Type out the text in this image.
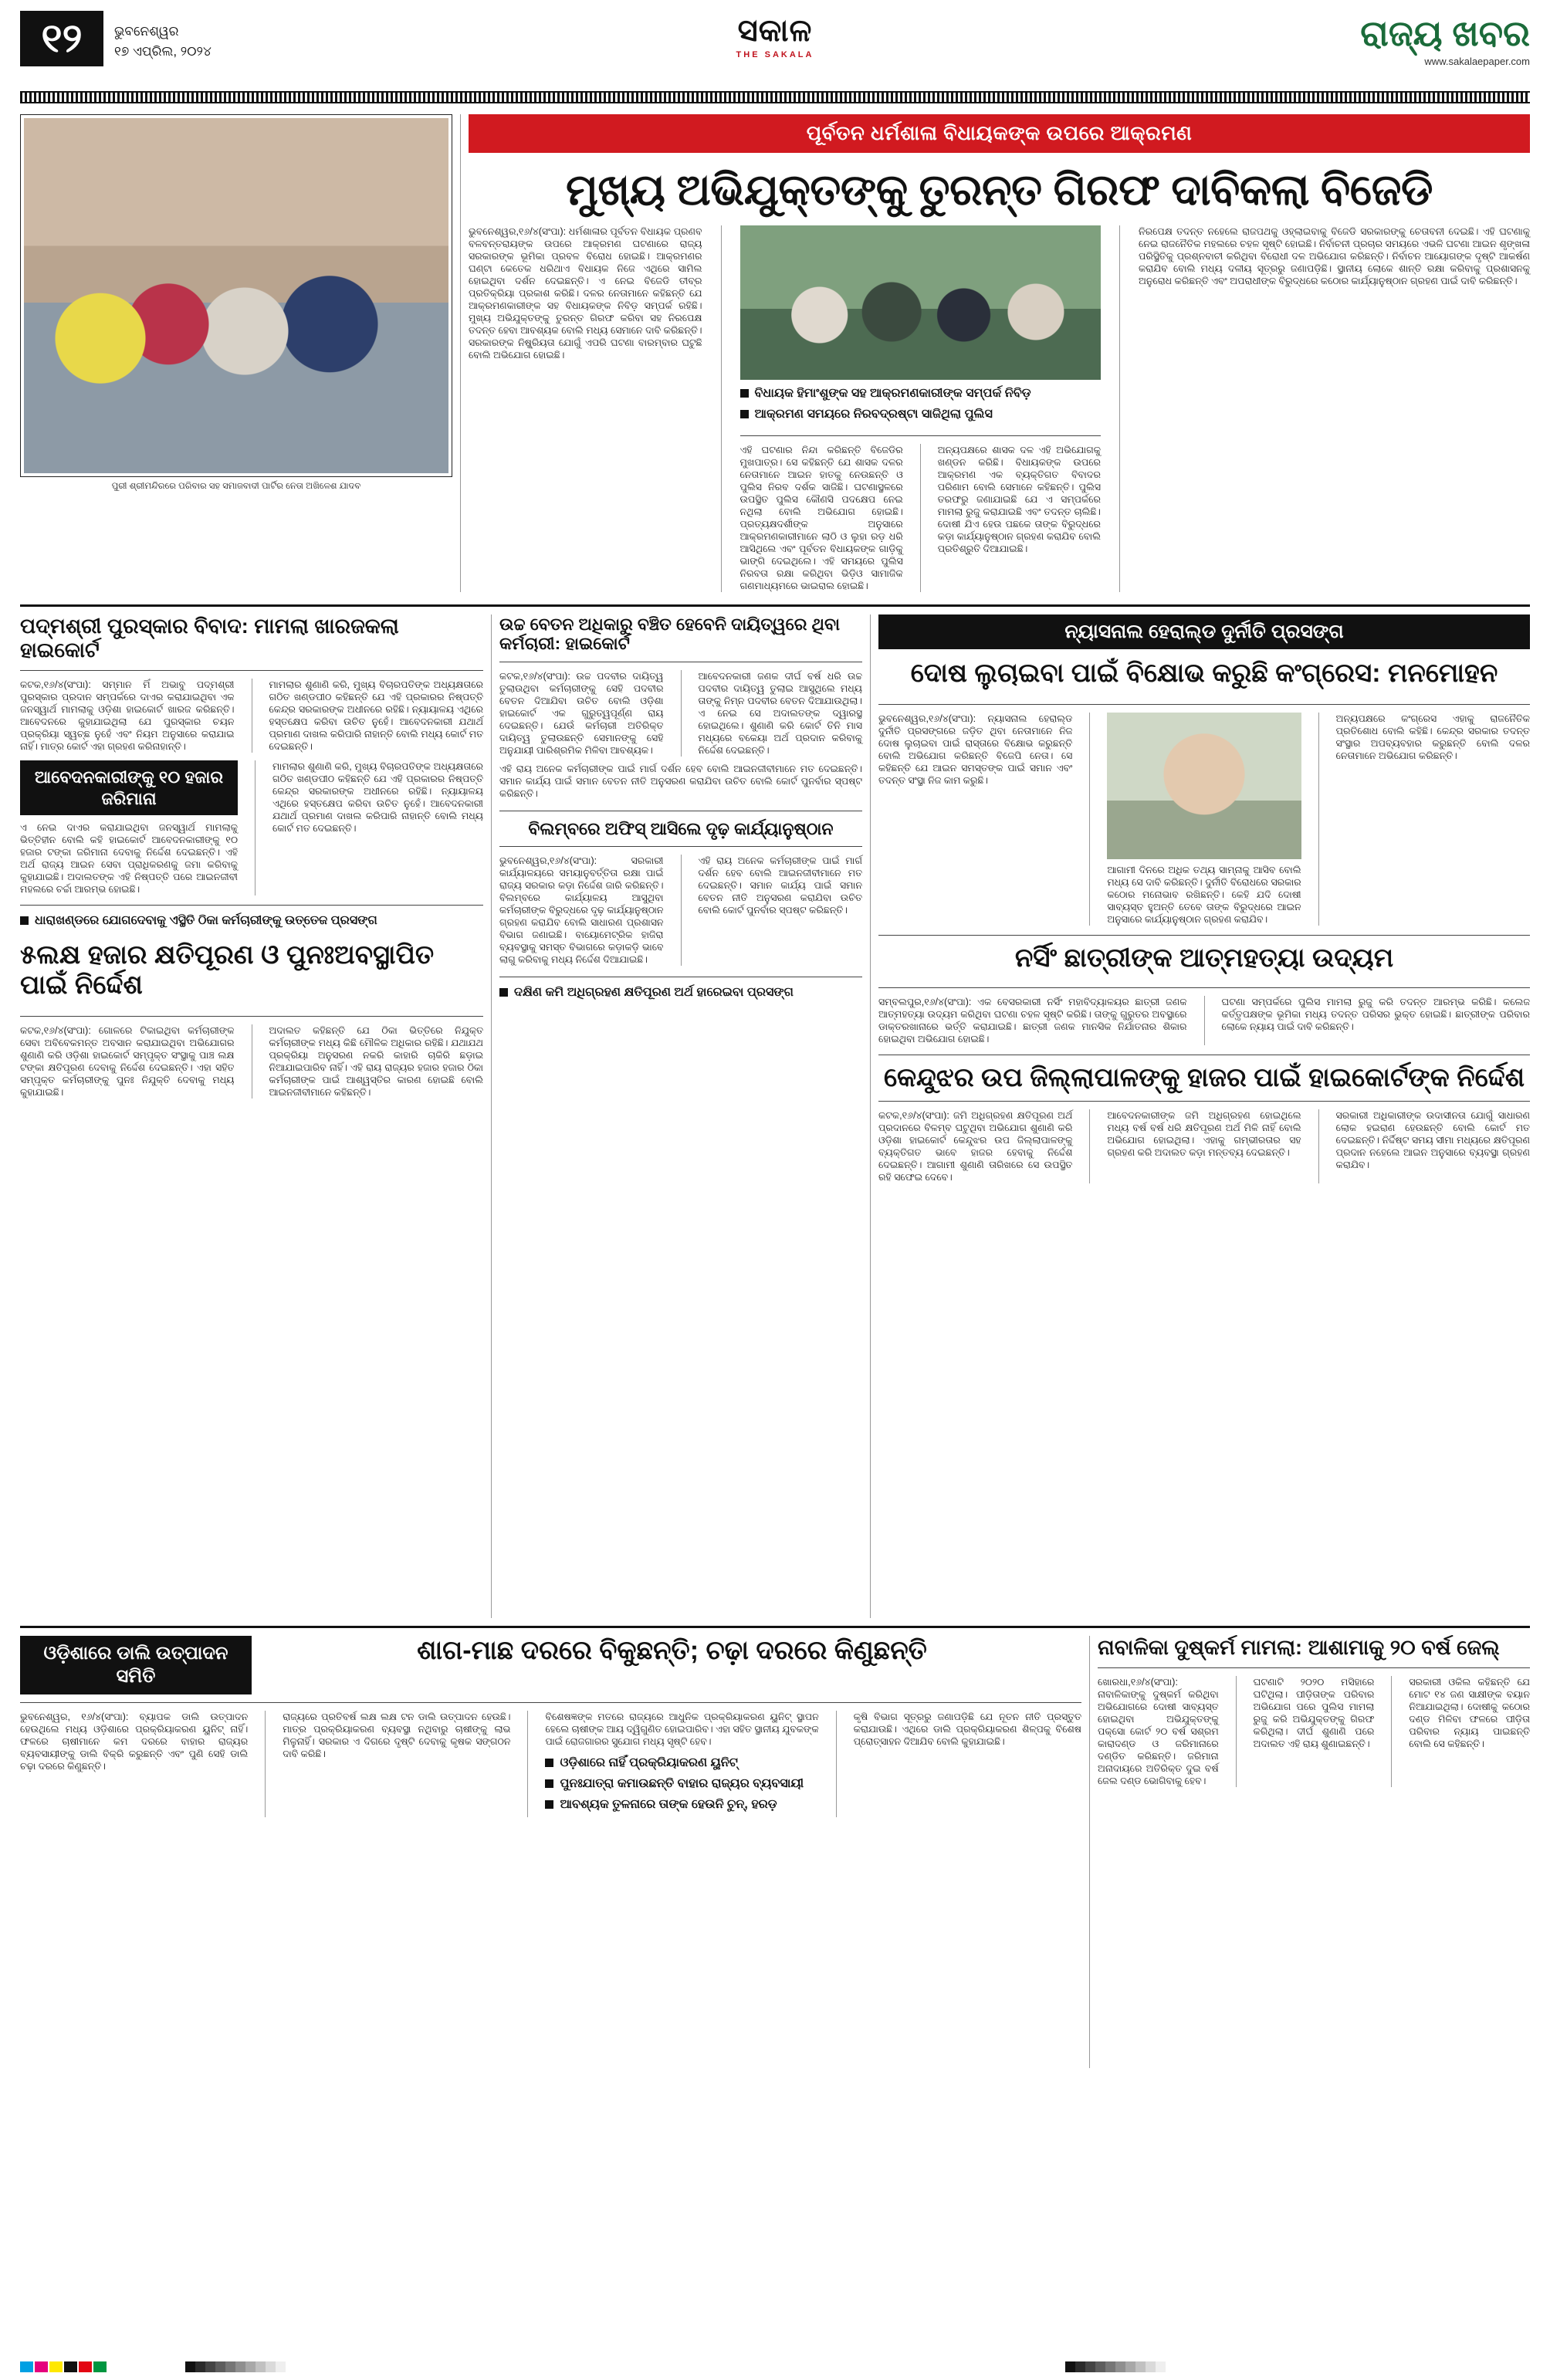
୧୨	ଭୁବନେଶ୍ୱର
୧୭ ଏପ୍ରିଲ, ୨୦୨୪
ସକାଳ
THE SAKALA
ରାଜ୍ୟ ଖବର
www.sakalaepaper.com
ପୁରୀ ଶ୍ରୀମନ୍ଦିରରେ ପରିବାର ସହ ସମାଜବାଦୀ ପାର୍ଟିର ନେତା ଅଖିଳେଶ ଯାଦବ
ପୂର୍ବତନ ଧର୍ମଶାଳା ବିଧାୟକଙ୍କ ଉପରେ ଆକ୍ରମଣ
ମୁଖ୍ୟ ଅଭିଯୁକ୍ତଙ୍କୁ ତୁରନ୍ତ ଗିରଫ ଦାବିକଲା ବିଜେଡି

ଭୁବନେଶ୍ୱର,୧୬/୪(ସଂପା): ଧର୍ମଶାଳାର ପୂର୍ବତନ ବିଧାୟକ ପ୍ରଣବ ବଳବନ୍ତରାୟଙ୍କ ଉପରେ ଆକ୍ରମଣ ଘଟଣାରେ ରାଜ୍ୟ ସରକାରଙ୍କ ଭୂମିକା ପ୍ରବଳ ବିରୋଧ ହୋଇଛି। ଆକ୍ରମଣର ଘଣ୍ଟା କେତେକ ଧରିଥାଏ ବିଧାୟକ ନିଜେ ଏଥିରେ ସାମିଲ ହୋଇଥିବା ଦର୍ଶନ ଦେଇଛନ୍ତି। ଏ ନେଇ ବିଜେଡି ତୀବ୍ର ପ୍ରତିକ୍ରିୟା ପ୍ରକାଶ କରିଛି। ଦଳର ନେତାମାନେ କହିଛନ୍ତି ଯେ ଆକ୍ରମଣକାରୀଙ୍କ ସହ ବିଧାୟକଙ୍କ ନିବିଡ଼ ସମ୍ପର୍କ ରହିଛି। ମୁଖ୍ୟ ଅଭିଯୁକ୍ତଙ୍କୁ ତୁରନ୍ତ ଗିରଫ କରିବା ସହ ନିରପେକ୍ଷ ତଦନ୍ତ ହେବା ଆବଶ୍ୟକ ବୋଲି ମଧ୍ୟ ସେମାନେ ଦାବି କରିଛନ୍ତି। ସରକାରଙ୍କ ନିଷ୍କ୍ରିୟତା ଯୋଗୁଁ ଏପରି ଘଟଣା ବାରମ୍ବାର ଘଟୁଛି ବୋଲି ଅଭିଯୋଗ ହୋଇଛି।

ବିଧାୟକ ହିମାଂଶୁଙ୍କ ସହ ଆକ୍ରମଣକାରୀଙ୍କ ସମ୍ପର୍କ ନିବିଡ଼
ଆକ୍ରମଣ ସମୟରେ ନିରବଦ୍ରଷ୍ଟା ସାଜିଥିଲା ପୁଲିସ
ଏହି ଘଟଣାର ନିନ୍ଦା କରିଛନ୍ତି ବିଜେଡିର ମୁଖପାତ୍ର। ସେ କହିଛନ୍ତି ଯେ ଶାସକ ଦଳର ନେତାମାନେ ଆଇନ ହାତକୁ ନେଉଛନ୍ତି ଓ ପୁଲିସ ନିରବ ଦର୍ଶକ ସାଜିଛି। ଘଟଣାସ୍ଥଳରେ ଉପସ୍ଥିତ ପୁଲିସ କୌଣସି ପଦକ୍ଷେପ ନେଇ ନଥିଲା ବୋଲି ଅଭିଯୋଗ ହୋଇଛି। ପ୍ରତ୍ୟକ୍ଷଦର୍ଶୀଙ୍କ ଅନୁସାରେ ଆକ୍ରମଣକାରୀମାନେ ଲାଠି ଓ ଲୁହା ରଡ଼ ଧରି ଆସିଥିଲେ ଏବଂ ପୂର୍ବତନ ବିଧାୟକଙ୍କ ଗାଡ଼ିକୁ ଭାଙ୍ଗି ଦେଇଥିଲେ। ଏହି ସମୟରେ ପୁଲିସ ନିରବତା ରକ୍ଷା କରିଥିବା ଭିଡ଼ିଓ ସାମାଜିକ ଗଣମାଧ୍ୟମରେ ଭାଇରାଲ ହୋଇଛି।
ଅନ୍ୟପକ୍ଷରେ ଶାସକ ଦଳ ଏହି ଅଭିଯୋଗକୁ ଖଣ୍ଡନ କରିଛି। ବିଧାୟକଙ୍କ ଉପରେ ଆକ୍ରମଣ ଏକ ବ୍ୟକ୍ତିଗତ ବିବାଦର ପରିଣାମ ବୋଲି ସେମାନେ କହିଛନ୍ତି। ପୁଲିସ ତରଫରୁ ଜଣାଯାଇଛି ଯେ ଏ ସମ୍ପର୍କରେ ମାମଲା ରୁଜୁ କରାଯାଇଛି ଏବଂ ତଦନ୍ତ ଚାଲିଛି। ଦୋଷୀ ଯିଏ ହେଉ ପଛକେ ତାଙ୍କ ବିରୁଦ୍ଧରେ କଡ଼ା କାର୍ଯ୍ୟାନୁଷ୍ଠାନ ଗ୍ରହଣ କରାଯିବ ବୋଲି ପ୍ରତିଶ୍ରୁତି ଦିଆଯାଇଛି।

ନିରପେକ୍ଷ ତଦନ୍ତ ନହେଲେ ରାଜପଥକୁ ଓହ୍ଲାଇବାକୁ ବିଜେଡି ସରକାରଙ୍କୁ ଚେତାବନୀ ଦେଇଛି। ଏହି ଘଟଣାକୁ ନେଇ ରାଜନୈତିକ ମହଲରେ ଚହଳ ସୃଷ୍ଟି ହୋଇଛି। ନିର୍ବାଚନୀ ପ୍ରଚାର ସମୟରେ ଏଭଳି ଘଟଣା ଆଇନ ଶୃଙ୍ଖଳା ପରିସ୍ଥିତିକୁ ପ୍ରଶ୍ନବାଚୀ କରିଥିବା ବିରୋଧୀ ଦଳ ଅଭିଯୋଗ କରିଛନ୍ତି। ନିର୍ବାଚନ ଆୟୋଗଙ୍କ ଦୃଷ୍ଟି ଆକର୍ଷଣ କରାଯିବ ବୋଲି ମଧ୍ୟ ଦଳୀୟ ସୂତ୍ରରୁ ଜଣାପଡ଼ିଛି। ସ୍ଥାନୀୟ ଲୋକେ ଶାନ୍ତି ରକ୍ଷା କରିବାକୁ ପ୍ରଶାସନକୁ ଅନୁରୋଧ କରିଛନ୍ତି ଏବଂ ଅପରାଧୀଙ୍କ ବିରୁଦ୍ଧରେ କଠୋର କାର୍ଯ୍ୟାନୁଷ୍ଠାନ ଗ୍ରହଣ ପାଇଁ ଦାବି କରିଛନ୍ତି।

ପଦ୍ମଶ୍ରୀ ପୁରସ୍କାର ବିବାଦ: ମାମଲା ଖାରଜକଲା ହାଇକୋର୍ଟ
କଟକ,୧୬/୪(ସଂପା): ସମ୍ମାନ ମିଁ ଅଭାବୁ ପଦ୍ମଶ୍ରୀ ପୁରସ୍କାର ପ୍ରଦାନ ସମ୍ପର୍କରେ ଦାଏର କରାଯାଇଥିବା ଏକ ଜନସ୍ୱାର୍ଥ ମାମଲାକୁ ଓଡ଼ିଶା ହାଇକୋର୍ଟ ଖାରଜ କରିଛନ୍ତି। ଆବେଦନରେ କୁହାଯାଇଥିଲା ଯେ ପୁରସ୍କାର ଚୟନ ପ୍ରକ୍ରିୟା ସ୍ୱଚ୍ଛ ନୁହେଁ ଏବଂ ନିୟମ ଅନୁସାରେ କରାଯାଇ ନାହିଁ। ମାତ୍ର କୋର୍ଟ ଏହା ଗ୍ରହଣ କରିନାହାନ୍ତି।
ମାମଲାର ଶୁଣାଣି କରି, ମୁଖ୍ୟ ବିଚାରପତିଙ୍କ ଅଧ୍ୟକ୍ଷତାରେ ଗଠିତ ଖଣ୍ଡପୀଠ କହିଛନ୍ତି ଯେ ଏହି ପ୍ରକାରର ନିଷ୍ପତ୍ତି କେନ୍ଦ୍ର ସରକାରଙ୍କ ଅଧୀନରେ ରହିଛି। ନ୍ୟାୟାଳୟ ଏଥିରେ ହସ୍ତକ୍ଷେପ କରିବା ଉଚିତ ନୁହେଁ। ଆବେଦନକାରୀ ଯଥାର୍ଥ ପ୍ରମାଣ ଦାଖଲ କରିପାରି ନାହାନ୍ତି ବୋଲି ମଧ୍ୟ କୋର୍ଟ ମତ ଦେଇଛନ୍ତି।
ଆବେଦନକାରୀଙ୍କୁ ୧୦ ହଜାର ଜରିମାନା
ଏ ନେଇ ଦାଏର କରାଯାଇଥିବା ଜନସ୍ୱାର୍ଥ ମାମଲାକୁ ଭିତ୍ତିହୀନ ବୋଲି କହି ହାଇକୋର୍ଟ ଆବେଦନକାରୀଙ୍କୁ ୧୦ ହଜାର ଟଙ୍କା ଜରିମାନା ଦେବାକୁ ନିର୍ଦ୍ଦେଶ ଦେଇଛନ୍ତି। ଏହି ଅର୍ଥ ରାଜ୍ୟ ଆଇନ ସେବା ପ୍ରାଧିକରଣକୁ ଜମା କରିବାକୁ କୁହାଯାଇଛି। ଅଦାଲତଙ୍କ ଏହି ନିଷ୍ପତ୍ତି ପରେ ଆଇନଜୀବୀ ମହଲରେ ଚର୍ଚ୍ଚା ଆରମ୍ଭ ହୋଇଛି।
ମାମଲାର ଶୁଣାଣି କରି, ମୁଖ୍ୟ ବିଚାରପତିଙ୍କ ଅଧ୍ୟକ୍ଷତାରେ ଗଠିତ ଖଣ୍ଡପୀଠ କହିଛନ୍ତି ଯେ ଏହି ପ୍ରକାରର ନିଷ୍ପତ୍ତି କେନ୍ଦ୍ର ସରକାରଙ୍କ ଅଧୀନରେ ରହିଛି। ନ୍ୟାୟାଳୟ ଏଥିରେ ହସ୍ତକ୍ଷେପ କରିବା ଉଚିତ ନୁହେଁ। ଆବେଦନକାରୀ ଯଥାର୍ଥ ପ୍ରମାଣ ଦାଖଲ କରିପାରି ନାହାନ୍ତି ବୋଲି ମଧ୍ୟ କୋର୍ଟ ମତ ଦେଇଛନ୍ତି।
ଧାରାଖଣ୍ଡରେ ଯୋଗଦେବାକୁ ଏସ୍ଥିତି ଠିକା କର୍ମଚାରୀଙ୍କୁ ଉତ୍ତେଜ ପ୍ରସଙ୍ଗ
୫ଲକ୍ଷ ହଜାର କ୍ଷତିପୂରଣ ଓ ପୁନଃଅବସ୍ଥାପିତ ପାଇଁ ନିର୍ଦ୍ଦେଶ
କଟକ,୧୬/୪(ସଂପା): ଗୋଳରେ ଟିକାଇଥିବା କର୍ମଚାରୀଙ୍କ ସେବା ଅବିବେକମନ୍ତ ଅବସାନ କରାଯାଇଥିବା ଅଭିଯୋଗର ଶୁଣାଣି କରି ଓଡ଼ିଶା ହାଇକୋର୍ଟ ସମ୍ପୃକ୍ତ ସଂସ୍ଥାକୁ ପାଞ୍ଚ ଲକ୍ଷ ଟଙ୍କା କ୍ଷତିପୂରଣ ଦେବାକୁ ନିର୍ଦ୍ଦେଶ ଦେଇଛନ୍ତି। ଏହା ସହିତ ସମ୍ପୃକ୍ତ କର୍ମଚାରୀଙ୍କୁ ପୁନଃ ନିଯୁକ୍ତି ଦେବାକୁ ମଧ୍ୟ କୁହାଯାଇଛି।
ଅଦାଲତ କହିଛନ୍ତି ଯେ ଠିକା ଭିତ୍ତିରେ ନିଯୁକ୍ତ କର୍ମଚାରୀଙ୍କ ମଧ୍ୟ କିଛି ମୌଳିକ ଅଧିକାର ରହିଛି। ଯଥାଯଥ ପ୍ରକ୍ରିୟା ଅନୁସରଣ ନକରି କାହାରି ଚାକିରି ଛଡ଼ାଇ ନିଆଯାଇପାରିବ ନାହିଁ। ଏହି ରାୟ ରାଜ୍ୟର ହଜାର ହଜାର ଠିକା କର୍ମଚାରୀଙ୍କ ପାଇଁ ଆଶ୍ୱସ୍ତିର କାରଣ ହୋଇଛି ବୋଲି ଆଇନଜୀବୀମାନେ କହିଛନ୍ତି।
ଉଚ୍ଚ ବେତନ ଅଧିକାରୁ ବଞ୍ଚିତ ହେବେନି ଦାୟିତ୍ୱରେ ଥିବା କର୍ମଚାରୀ: ହାଇକୋର୍ଟ
କଟକ,୧୬/୪(ସଂପା): ଉଚ୍ଚ ପଦବୀର ଦାୟିତ୍ୱ ତୁଲାଉଥିବା କର୍ମଚାରୀଙ୍କୁ ସେହି ପଦବୀର ବେତନ ଦିଆଯିବା ଉଚିତ ବୋଲି ଓଡ଼ିଶା ହାଇକୋର୍ଟ ଏକ ଗୁରୁତ୍ୱପୂର୍ଣ୍ଣ ରାୟ ଦେଇଛନ୍ତି। ଯେଉଁ କର୍ମଚାରୀ ଅତିରିକ୍ତ ଦାୟିତ୍ୱ ତୁଲାଉଛନ୍ତି ସେମାନଙ୍କୁ ସେହି ଅନୁଯାୟୀ ପାରିଶ୍ରମିକ ମିଳିବା ଆବଶ୍ୟକ।
ଆବେଦନକାରୀ ଜଣକ ଦୀର୍ଘ ବର୍ଷ ଧରି ଉଚ୍ଚ ପଦବୀର ଦାୟିତ୍ୱ ତୁଲାଇ ଆସୁଥିଲେ ମଧ୍ୟ ତାଙ୍କୁ ନିମ୍ନ ପଦବୀର ବେତନ ଦିଆଯାଉଥିଲା। ଏ ନେଇ ସେ ଅଦାଲତଙ୍କ ଦ୍ୱାରସ୍ଥ ହୋଇଥିଲେ। ଶୁଣାଣି କରି କୋର୍ଟ ତିନି ମାସ ମଧ୍ୟରେ ବକେୟା ଅର୍ଥ ପ୍ରଦାନ କରିବାକୁ ନିର୍ଦ୍ଦେଶ ଦେଇଛନ୍ତି।
ଏହି ରାୟ ଅନେକ କର୍ମଚାରୀଙ୍କ ପାଇଁ ମାର୍ଗ ଦର୍ଶନ ହେବ ବୋଲି ଆଇନଜୀବୀମାନେ ମତ ଦେଇଛନ୍ତି। ସମାନ କାର୍ଯ୍ୟ ପାଇଁ ସମାନ ବେତନ ନୀତି ଅନୁସରଣ କରାଯିବା ଉଚିତ ବୋଲି କୋର୍ଟ ପୁନର୍ବାର ସ୍ପଷ୍ଟ କରିଛନ୍ତି।
ବିଲମ୍ବରେ ଅଫିସ୍ ଆସିଲେ ଦୃଢ଼ କାର୍ଯ୍ୟାନୁଷ୍ଠାନ
ଭୁବନେଶ୍ୱର,୧୬/୪(ସଂପା): ସରକାରୀ କାର୍ଯ୍ୟାଳୟରେ ସମୟାନୁବର୍ତ୍ତିତା ରକ୍ଷା ପାଇଁ ରାଜ୍ୟ ସରକାର କଡ଼ା ନିର୍ଦ୍ଦେଶ ଜାରି କରିଛନ୍ତି। ବିଲମ୍ବରେ କାର୍ଯ୍ୟାଳୟ ଆସୁଥିବା କର୍ମଚାରୀଙ୍କ ବିରୁଦ୍ଧରେ ଦୃଢ଼ କାର୍ଯ୍ୟାନୁଷ୍ଠାନ ଗ୍ରହଣ କରାଯିବ ବୋଲି ସାଧାରଣ ପ୍ରଶାସନ ବିଭାଗ ଜଣାଇଛି। ବାୟୋମେଟ୍ରିକ ହାଜିରା ବ୍ୟବସ୍ଥାକୁ ସମସ୍ତ ବିଭାଗରେ କଡ଼ାକଡ଼ି ଭାବେ ଲାଗୁ କରିବାକୁ ମଧ୍ୟ ନିର୍ଦ୍ଦେଶ ଦିଆଯାଇଛି।
ଏହି ରାୟ ଅନେକ କର୍ମଚାରୀଙ୍କ ପାଇଁ ମାର୍ଗ ଦର୍ଶନ ହେବ ବୋଲି ଆଇନଜୀବୀମାନେ ମତ ଦେଇଛନ୍ତି। ସମାନ କାର୍ଯ୍ୟ ପାଇଁ ସମାନ ବେତନ ନୀତି ଅନୁସରଣ କରାଯିବା ଉଚିତ ବୋଲି କୋର୍ଟ ପୁନର୍ବାର ସ୍ପଷ୍ଟ କରିଛନ୍ତି।
ଦକ୍ଷିଣ କମି ଅଧିଗ୍ରହଣ କ୍ଷତିପୂରଣ ଅର୍ଥ ହାରେଇବା ପ୍ରସଙ୍ଗ
ନ୍ୟାସନାଲ ହେରାଲ୍ଡ ଦୁର୍ନୀତି ପ୍ରସଙ୍ଗ
ଦୋଷ ଲୁଚାଇବା ପାଇଁ ବିକ୍ଷୋଭ କରୁଛି କଂଗ୍ରେସ: ମନମୋହନ
ଭୁବନେଶ୍ୱର,୧୬/୪(ସଂପା): ନ୍ୟାସନାଲ ହେରାଲ୍ଡ ଦୁର୍ନୀତି ପ୍ରସଙ୍ଗରେ ଜଡ଼ିତ ଥିବା ନେତାମାନେ ନିଜ ଦୋଷ ଲୁଚାଇବା ପାଇଁ ରାସ୍ତାରେ ବିକ୍ଷୋଭ କରୁଛନ୍ତି ବୋଲି ଅଭିଯୋଗ କରିଛନ୍ତି ବିଜେପି ନେତା। ସେ କହିଛନ୍ତି ଯେ ଆଇନ ସମସ୍ତଙ୍କ ପାଇଁ ସମାନ ଏବଂ ତଦନ୍ତ ସଂସ୍ଥା ନିଜ କାମ କରୁଛି।
ଆଗାମୀ ଦିନରେ ଅଧିକ ତଥ୍ୟ ସାମ୍ନାକୁ ଆସିବ ବୋଲି ମଧ୍ୟ ସେ ଦାବି କରିଛନ୍ତି। ଦୁର୍ନୀତି ବିରୋଧରେ ସରକାର କଠୋର ମନୋଭାବ ରଖିଛନ୍ତି। କେହି ଯଦି ଦୋଷୀ ସାବ୍ୟସ୍ତ ହୁଅନ୍ତି ତେବେ ତାଙ୍କ ବିରୁଦ୍ଧରେ ଆଇନ ଅନୁସାରେ କାର୍ଯ୍ୟାନୁଷ୍ଠାନ ଗ୍ରହଣ କରାଯିବ।
ଅନ୍ୟପକ୍ଷରେ କଂଗ୍ରେସ ଏହାକୁ ରାଜନୈତିକ ପ୍ରତିଶୋଧ ବୋଲି କହିଛି। କେନ୍ଦ୍ର ସରକାର ତଦନ୍ତ ସଂସ୍ଥାର ଅପବ୍ୟବହାର କରୁଛନ୍ତି ବୋଲି ଦଳର ନେତାମାନେ ଅଭିଯୋଗ କରିଛନ୍ତି।
ନର୍ସିଂ ଛାତ୍ରୀଙ୍କ ଆତ୍ମହତ୍ୟା ଉଦ୍ୟମ
ସମ୍ବଲପୁର,୧୬/୪(ସଂପା): ଏକ ବେସରକାରୀ ନର୍ସିଂ ମହାବିଦ୍ୟାଳୟର ଛାତ୍ରୀ ଜଣକ ଆତ୍ମହତ୍ୟା ଉଦ୍ୟମ କରିଥିବା ଘଟଣା ଚହଳ ସୃଷ୍ଟି କରିଛି। ତାଙ୍କୁ ଗୁରୁତର ଅବସ୍ଥାରେ ଡାକ୍ତରଖାନାରେ ଭର୍ତ୍ତି କରାଯାଇଛି। ଛାତ୍ରୀ ଜଣକ ମାନସିକ ନିର୍ଯାତନାର ଶିକାର ହୋଇଥିବା ଅଭିଯୋଗ ହୋଇଛି।
ଘଟଣା ସମ୍ପର୍କରେ ପୁଲିସ ମାମଲା ରୁଜୁ କରି ତଦନ୍ତ ଆରମ୍ଭ କରିଛି। କଲେଜ କର୍ତ୍ତୃପକ୍ଷଙ୍କ ଭୂମିକା ମଧ୍ୟ ତଦନ୍ତ ପରିସର ଭୁକ୍ତ ହୋଇଛି। ଛାତ୍ରୀଙ୍କ ପରିବାର ଲୋକେ ନ୍ୟାୟ ପାଇଁ ଦାବି କରିଛନ୍ତି।
କେନ୍ଦୁଝର ଉପ ଜିଲ୍ଲାପାଳଙ୍କୁ ହାଜର ପାଇଁ ହାଇକୋର୍ଟଙ୍କ ନିର୍ଦ୍ଦେଶ
କଟକ,୧୬/୪(ସଂପା): ଜମି ଅଧିଗ୍ରହଣ କ୍ଷତିପୂରଣ ଅର୍ଥ ପ୍ରଦାନରେ ବିଳମ୍ବ ଘଟୁଥିବା ଅଭିଯୋଗ ଶୁଣାଣି କରି ଓଡ଼ିଶା ହାଇକୋର୍ଟ କେନ୍ଦୁଝର ଉପ ଜିଲ୍ଲାପାଳଙ୍କୁ ବ୍ୟକ୍ତିଗତ ଭାବେ ହାଜର ହେବାକୁ ନିର୍ଦ୍ଦେଶ ଦେଇଛନ୍ତି। ଆଗାମୀ ଶୁଣାଣି ତାରିଖରେ ସେ ଉପସ୍ଥିତ ରହି ସଫେଇ ଦେବେ।
ଆବେଦନକାରୀଙ୍କ ଜମି ଅଧିଗ୍ରହଣ ହୋଇଥିଲେ ମଧ୍ୟ ବର୍ଷ ବର୍ଷ ଧରି କ୍ଷତିପୂରଣ ଅର୍ଥ ମିଳି ନାହିଁ ବୋଲି ଅଭିଯୋଗ ହୋଇଥିଲା। ଏହାକୁ ଗମ୍ଭୀରତାର ସହ ଗ୍ରହଣ କରି ଅଦାଲତ କଡ଼ା ମନ୍ତବ୍ୟ ଦେଇଛନ୍ତି।
ସରକାରୀ ଅଧିକାରୀଙ୍କ ଉଦାସୀନତା ଯୋଗୁଁ ସାଧାରଣ ଲୋକ ହଇରାଣ ହେଉଛନ୍ତି ବୋଲି କୋର୍ଟ ମତ ଦେଇଛନ୍ତି। ନିର୍ଦ୍ଦିଷ୍ଟ ସମୟ ସୀମା ମଧ୍ୟରେ କ୍ଷତିପୂରଣ ପ୍ରଦାନ ନହେଲେ ଆଇନ ଅନୁସାରେ ବ୍ୟବସ୍ଥା ଗ୍ରହଣ କରାଯିବ।
ଓଡ଼ିଶାରେ ଡାଲି ଉତ୍ପାଦନ ସମିତି
ଶାଗ-ମାଛ ଦରରେ ବିକୁଛନ୍ତି; ଚଢ଼ା ଦରରେ କିଣୁଛନ୍ତି
ଭୁବନେଶ୍ୱର, ୧୬/୪(ସଂପା): ବ୍ୟାପକ ଡାଲି ଉତ୍ପାଦନ ହେଉଥିଲେ ମଧ୍ୟ ଓଡ଼ିଶାରେ ପ୍ରକ୍ରିୟାକରଣ ୟୁନିଟ୍ ନାହିଁ। ଫଳରେ ଚାଷୀମାନେ କମ ଦରରେ ବାହାର ରାଜ୍ୟର ବ୍ୟବସାୟୀଙ୍କୁ ଡାଲି ବିକ୍ରି କରୁଛନ୍ତି ଏବଂ ପୁଣି ସେହି ଡାଲି ଚଢ଼ା ଦରରେ କିଣୁଛନ୍ତି।
ରାଜ୍ୟରେ ପ୍ରତିବର୍ଷ ଲକ୍ଷ ଲକ୍ଷ ଟନ ଡାଲି ଉତ୍ପାଦନ ହେଉଛି। ମାତ୍ର ପ୍ରକ୍ରିୟାକରଣ ବ୍ୟବସ୍ଥା ନଥିବାରୁ ଚାଷୀଙ୍କୁ ଲାଭ ମିଳୁନାହିଁ। ସରକାର ଏ ଦିଗରେ ଦୃଷ୍ଟି ଦେବାକୁ କୃଷକ ସଙ୍ଗଠନ ଦାବି କରିଛି।
ବିଶେଷଜ୍ଞଙ୍କ ମତରେ ରାଜ୍ୟରେ ଆଧୁନିକ ପ୍ରକ୍ରିୟାକରଣ ୟୁନିଟ୍ ସ୍ଥାପନ ହେଲେ ଚାଷୀଙ୍କ ଆୟ ଦ୍ୱିଗୁଣିତ ହୋଇପାରିବ। ଏହା ସହିତ ସ୍ଥାନୀୟ ଯୁବକଙ୍କ ପାଇଁ ରୋଜଗାରର ସୁଯୋଗ ମଧ୍ୟ ସୃଷ୍ଟି ହେବ।
ଓଡ଼ିଶାରେ ନାହିଁ ପ୍ରକ୍ରିୟାକରଣ ୟୁନିଟ୍
ପୁନଃଯାତ୍ରା କମାଉଛନ୍ତି ବାହାର ରାଜ୍ୟର ବ୍ୟବସାୟୀ
ଆବଶ୍ୟକ ତୁଳନାରେ ତାଙ୍କ ହେଉନି ଚୁନ୍, ହରଡ଼
କୃଷି ବିଭାଗ ସୂତ୍ରରୁ ଜଣାପଡ଼ିଛି ଯେ ନୂତନ ନୀତି ପ୍ରସ୍ତୁତ କରାଯାଉଛି। ଏଥିରେ ଡାଲି ପ୍ରକ୍ରିୟାକରଣ ଶିଳ୍ପକୁ ବିଶେଷ ପ୍ରୋତ୍ସାହନ ଦିଆଯିବ ବୋଲି କୁହାଯାଇଛି।
ନାବାଳିକା ଦୁଷ୍କର୍ମ ମାମଲା: ଆଶାମାକୁ ୨୦ ବର୍ଷ ଜେଲ୍
ଖୋରଧା,୧୬/୪(ସଂପା): ନାବାଳିକାଙ୍କୁ ଦୁଷ୍କର୍ମ କରିଥିବା ଅଭିଯୋଗରେ ଦୋଷୀ ସାବ୍ୟସ୍ତ ହୋଇଥିବା ଅଭିଯୁକ୍ତଙ୍କୁ ପକ୍ସୋ କୋର୍ଟ ୨୦ ବର୍ଷ ସଶ୍ରମ କାରାଦଣ୍ଡ ଓ ଜରିମାନାରେ ଦଣ୍ଡିତ କରିଛନ୍ତି। ଜରିମାନା ଅନାଦାୟରେ ଅତିରିକ୍ତ ଦୁଇ ବର୍ଷ ଜେଲ ଦଣ୍ଡ ଭୋଗିବାକୁ ହେବ।
ଘଟଣାଟି ୨୦୨୦ ମସିହାରେ ଘଟିଥିଲା। ପୀଡ଼ିତାଙ୍କ ପରିବାର ଅଭିଯୋଗ ପରେ ପୁଲିସ ମାମଲା ରୁଜୁ କରି ଅଭିଯୁକ୍ତଙ୍କୁ ଗିରଫ କରିଥିଲା। ଦୀର୍ଘ ଶୁଣାଣି ପରେ ଅଦାଲତ ଏହି ରାୟ ଶୁଣାଇଛନ୍ତି।
ସରକାରୀ ଓକିଲ କହିଛନ୍ତି ଯେ ମୋଟ ୧୪ ଜଣ ସାକ୍ଷୀଙ୍କ ବୟାନ ନିଆଯାଇଥିଲା। ଦୋଷୀକୁ କଠୋର ଦଣ୍ଡ ମିଳିବା ଫଳରେ ପୀଡ଼ିତା ପରିବାର ନ୍ୟାୟ ପାଇଛନ୍ତି ବୋଲି ସେ କହିଛନ୍ତି।
